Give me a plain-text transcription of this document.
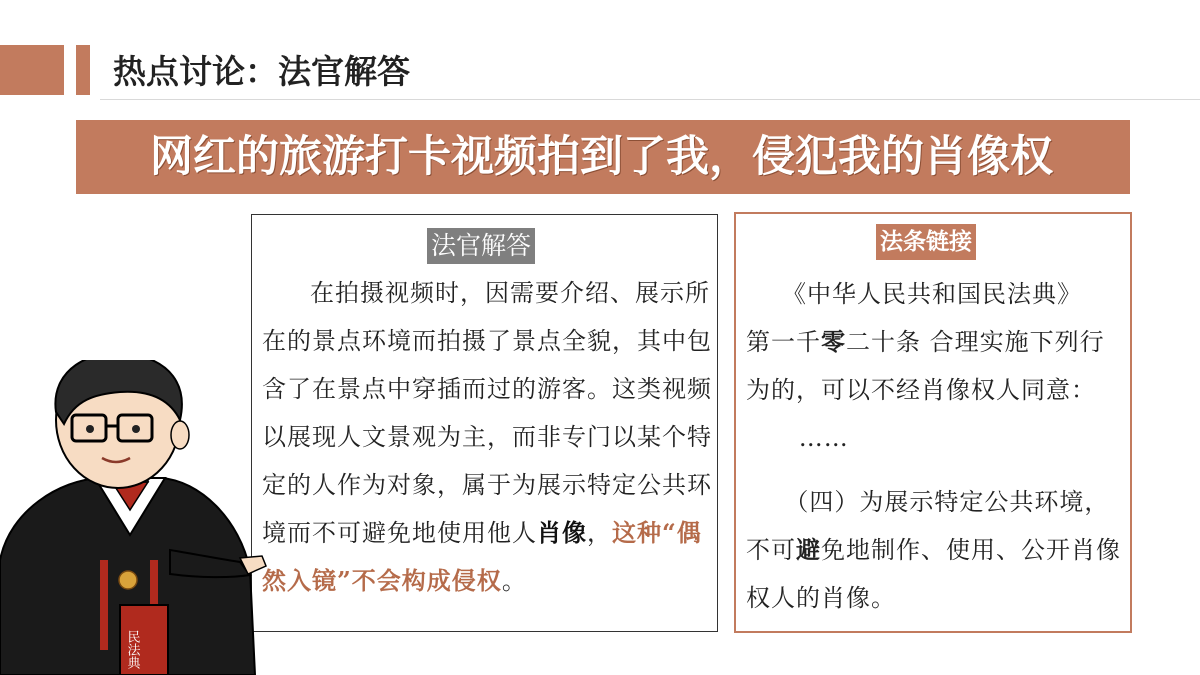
热点讨论：法官解答
网红的旅游打卡视频拍到了我，侵犯我的肖像权
法官解答

在拍摄视频时，因需要介绍、展示所在的景点环境而拍摄了景点全貌，其中包含了在景点中穿插而过的游客。这类视频以展现人文景观为主，而非专门以某个特定的人作为对象，属于为展示特定公共环境而不可避免地使用他人肖像，这种“偶然入镜”不会构成侵权。

法条链接

《中华人民共和国民法典》

第一千零二十条 合理实施下列行为的，可以不经肖像权人同意：

……

（四）为展示特定公共环境，不可避免地制作、使用、公开肖像权人的肖像。

民法典
